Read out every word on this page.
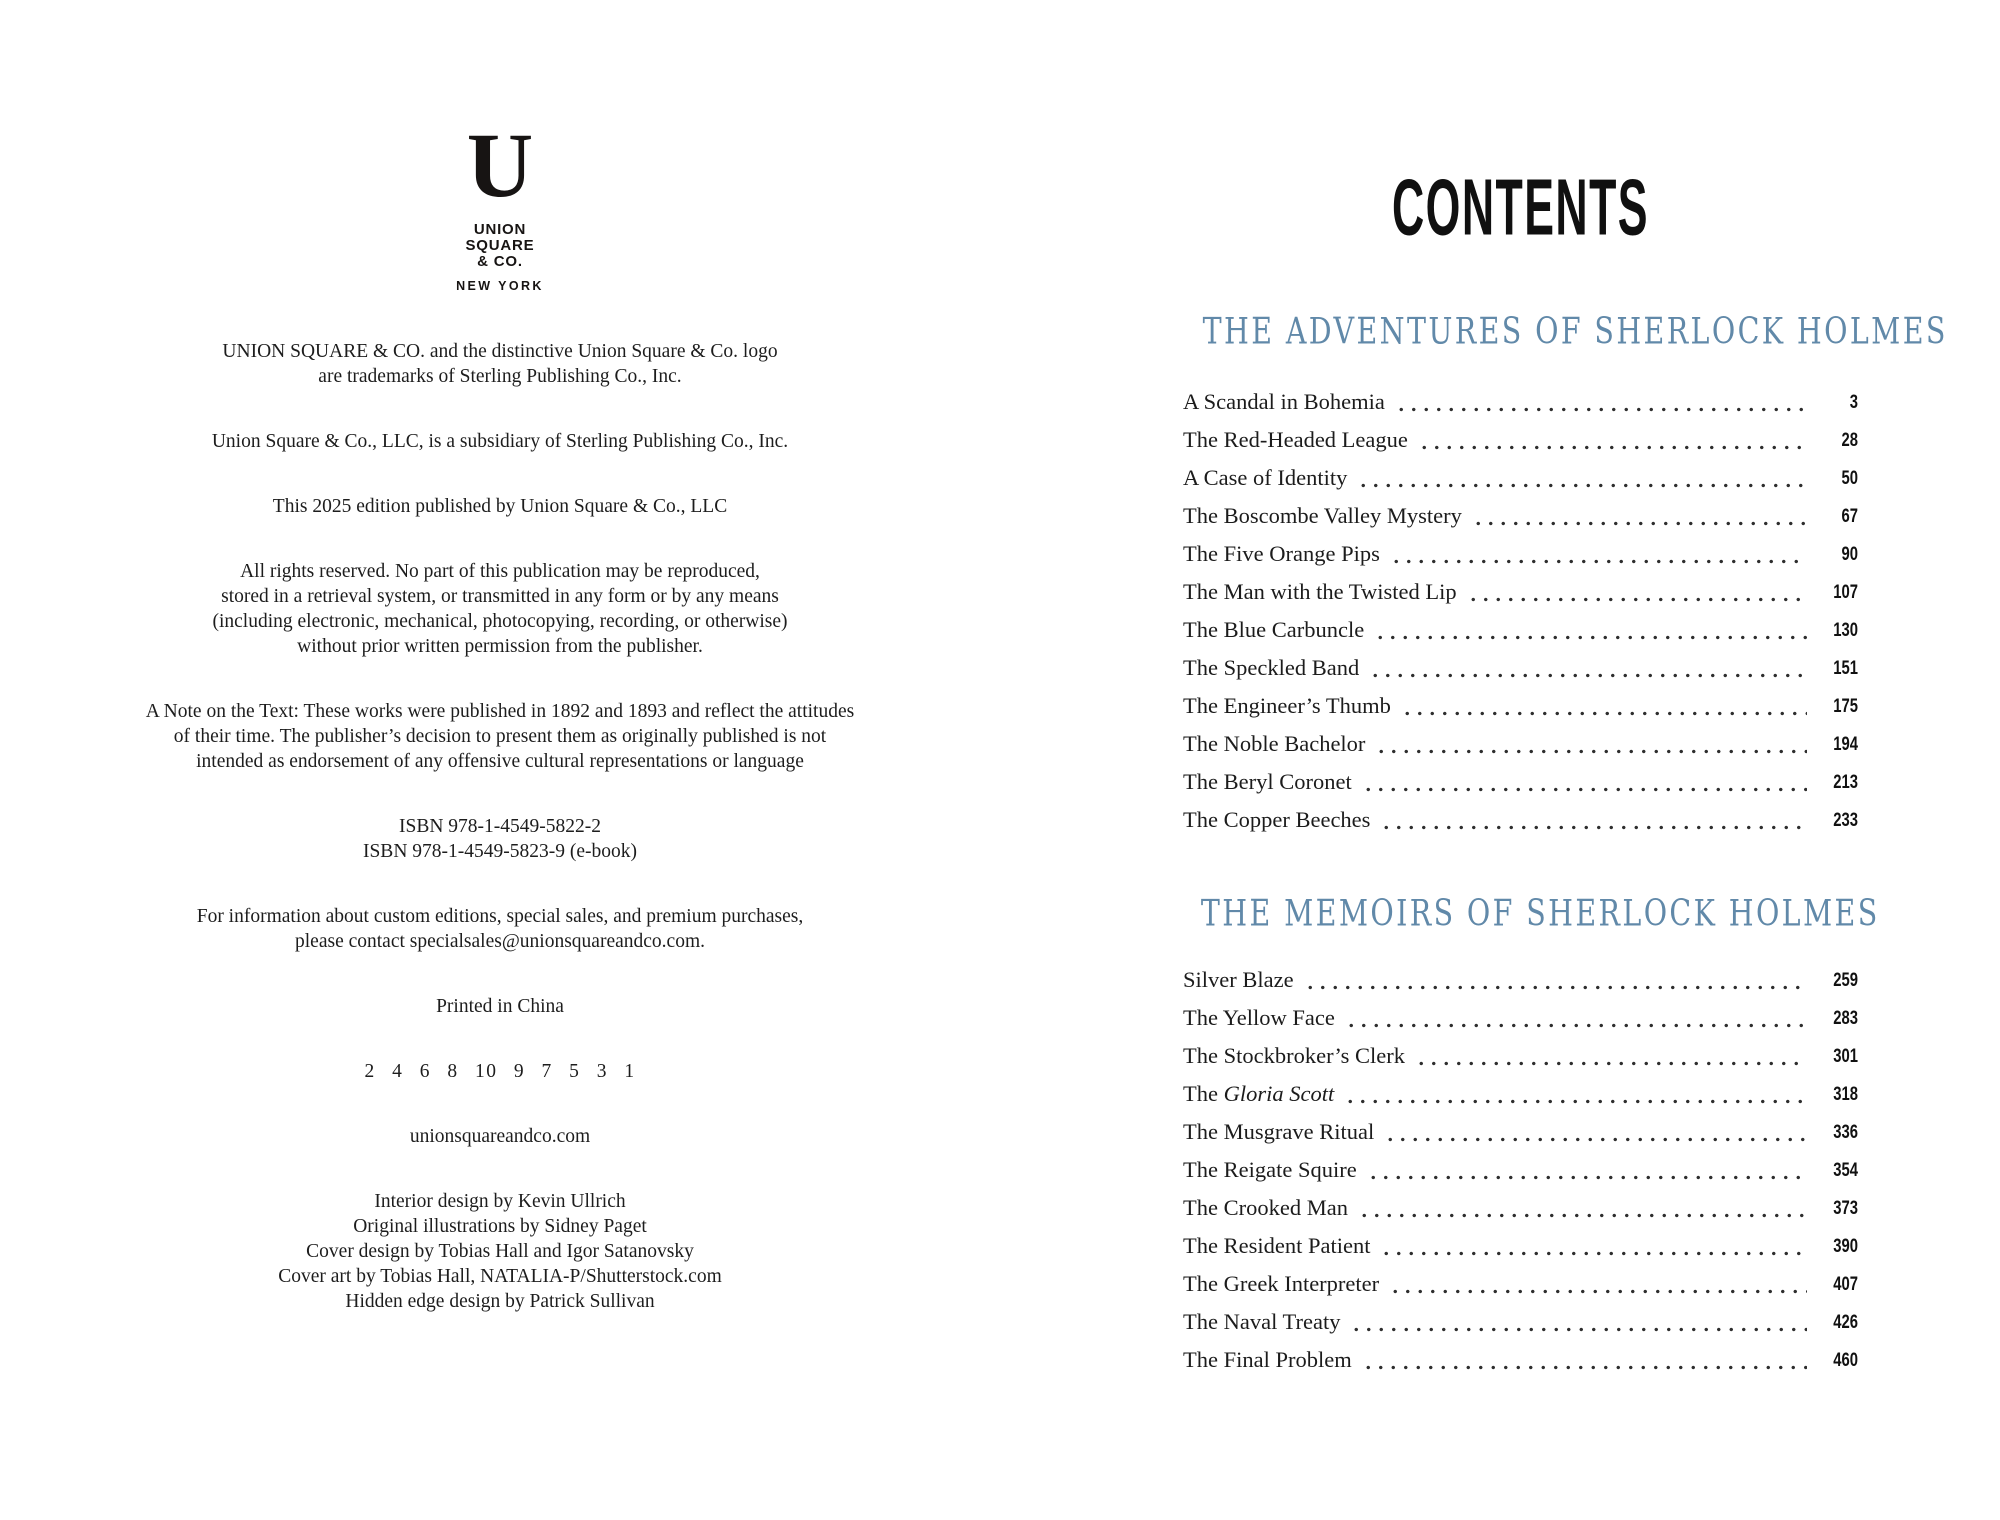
U
UNION
SQUARE
& CO.
NEW YORK
UNION SQUARE & CO. and the distinctive Union Square & Co. logo
are trademarks of Sterling Publishing Co., Inc.
Union Square & Co., LLC, is a subsidiary of Sterling Publishing Co., Inc.
This 2025 edition published by Union Square & Co., LLC
All rights reserved. No part of this publication may be reproduced,
stored in a retrieval system, or transmitted in any form or by any means
(including electronic, mechanical, photocopying, recording, or otherwise)
without prior written permission from the publisher.
A Note on the Text: These works were published in 1892 and 1893 and reflect the attitudes
of their time. The publisher’s decision to present them as originally published is not
intended as endorsement of any offensive cultural representations or language
ISBN 978-1-4549-5822-2
ISBN 978-1-4549-5823-9 (e-book)
For information about custom editions, special sales, and premium purchases,
please contact specialsales@unionsquareandco.com.
Printed in China
2 4 6 8 10 9 7 5 3 1
unionsquareandco.com
Interior design by Kevin Ullrich
Original illustrations by Sidney Paget
Cover design by Tobias Hall and Igor Satanovsky
Cover art by Tobias Hall, NATALIA-P/Shutterstock.com
Hidden edge design by Patrick Sullivan
CONTENTS
THE ADVENTURES OF SHERLOCK HOLMES
A Scandal in Bohemia	3
The Red-Headed League	28
A Case of Identity	50
The Boscombe Valley Mystery	67
The Five Orange Pips	90
The Man with the Twisted Lip	107
The Blue Carbuncle	130
The Speckled Band	151
The Engineer’s Thumb	175
The Noble Bachelor	194
The Beryl Coronet	213
The Copper Beeches	233
THE MEMOIRS OF SHERLOCK HOLMES
Silver Blaze	259
The Yellow Face	283
The Stockbroker’s Clerk	301
The Gloria Scott	318
The Musgrave Ritual	336
The Reigate Squire	354
The Crooked Man	373
The Resident Patient	390
The Greek Interpreter	407
The Naval Treaty	426
The Final Problem	460
